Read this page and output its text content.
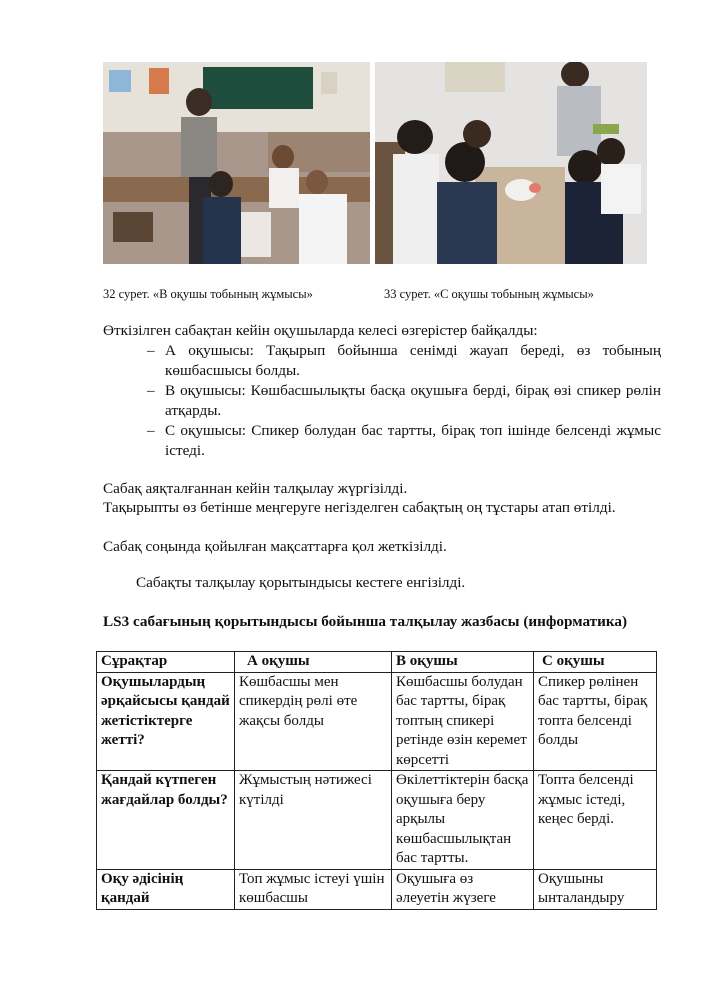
32 сурет. «В оқушы тобының жұмысы»	33 сурет. «С оқушы тобының жұмысы»
Өткізілген сабақтан кейін оқушыларда келесі өзгерістер байқалды:
– А оқушысы: Тақырып бойынша сенімді жауап береді, өз тобының көшбасшысы болды.
– В оқушысы: Көшбасшылықты басқа оқушыға берді, бірақ өзі спикер рөлін атқарды.
– С оқушысы: Спикер болудан бас тартты, бірақ топ ішінде белсенді жұмыс істеді.
Сабақ аяқталғаннан кейін талқылау жүргізілді.
Тақырыпты өз бетінше меңгеруге негізделген сабақтың оң тұстары атап өтілді.
Сабақ соңында қойылған мақсаттарға қол жеткізілді.
Сабақты талқылау қорытындысы кестеге енгізілді.
LS3 сабағының қорытындысы бойынша талқылау жазбасы (информатика)
Сұрақтар	А оқушы	В оқушы	С оқушы
Оқушылардың әрқайсысы қандай жетістіктерге жетті?	Көшбасшы мен спикердің рөлі өте жақсы болды	Көшбасшы болудан бас тартты, бірақ топтың спикері ретінде өзін керемет көрсетті	Спикер рөлінен бас тартты, бірақ топта белсенді болды
Қандай күтпеген жағдайлар болды?	Жұмыстың нәтижесі күтілді	Өкілеттіктерін басқа оқушыға беру арқылы көшбасшылықтан бас тартты.	Топта белсенді жұмыс істеді, кеңес берді.
Оқу әдісінің қандай	Топ жұмыс істеуі үшін көшбасшы	Оқушыға өз әлеуетін жүзеге	Оқушыны ынталандыру
